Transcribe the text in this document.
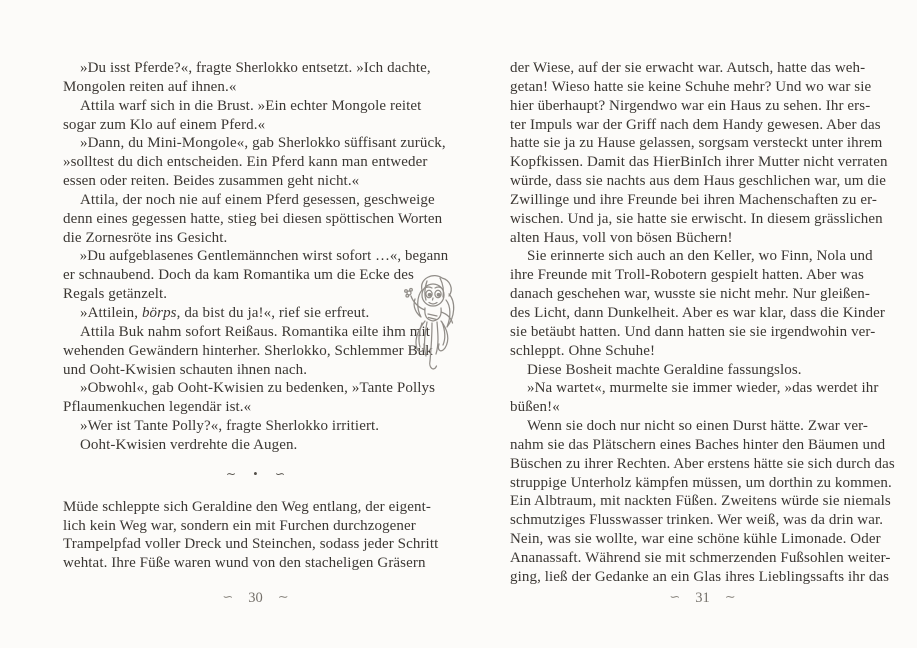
»Du isst Pferde?«, fragte Sherlokko entsetzt. »Ich dachte,
Mongolen reiten auf ihnen.«
Attila warf sich in die Brust. »Ein echter Mongole reitet
sogar zum Klo auf einem Pferd.«
»Dann, du Mini-Mongole«, gab Sherlokko süffisant zurück,
»solltest du dich entscheiden. Ein Pferd kann man entweder
essen oder reiten. Beides zusammen geht nicht.«
Attila, der noch nie auf einem Pferd gesessen, geschweige
denn eines gegessen hatte, stieg bei diesen spöttischen Worten
die Zornesröte ins Gesicht.
»Du aufgeblasenes Gentlemännchen wirst sofort …«, begann
er schnaubend. Doch da kam Romantika um die Ecke des
Regals getänzelt.
»Attilein, börps, da bist du ja!«, rief sie erfreut.
Attila Buk nahm sofort Reißaus. Romantika eilte ihm mit
wehenden Gewändern hinterher. Sherlokko, Schlemmer Buk
und Ooht-Kwisien schauten ihnen nach.
»Obwohl«, gab Ooht-Kwisien zu bedenken, »Tante Pollys
Pflaumenkuchen legendär ist.«
»Wer ist Tante Polly?«, fragte Sherlokko irritiert.
Ooht-Kwisien verdrehte die Augen.
∼ • ∽
Müde schleppte sich Geraldine den Weg entlang, der eigent-
lich kein Weg war, sondern ein mit Furchen durchzogener
Trampelpfad voller Dreck und Steinchen, sodass jeder Schritt
wehtat. Ihre Füße waren wund von den stacheligen Gräsern
∽ 30 ∼
der Wiese, auf der sie erwacht war. Autsch, hatte das weh-
getan! Wieso hatte sie keine Schuhe mehr? Und wo war sie
hier überhaupt? Nirgendwo war ein Haus zu sehen. Ihr ers-
ter Impuls war der Griff nach dem Handy gewesen. Aber das
hatte sie ja zu Hause gelassen, sorgsam versteckt unter ihrem
Kopfkissen. Damit das HierBinIch ihrer Mutter nicht verraten
würde, dass sie nachts aus dem Haus geschlichen war, um die
Zwillinge und ihre Freunde bei ihren Machenschaften zu er-
wischen. Und ja, sie hatte sie erwischt. In diesem grässlichen
alten Haus, voll von bösen Büchern!
Sie erinnerte sich auch an den Keller, wo Finn, Nola und
ihre Freunde mit Troll-Robotern gespielt hatten. Aber was
danach geschehen war, wusste sie nicht mehr. Nur gleißen-
des Licht, dann Dunkelheit. Aber es war klar, dass die Kinder
sie betäubt hatten. Und dann hatten sie sie irgendwohin ver-
schleppt. Ohne Schuhe!
Diese Bosheit machte Geraldine fassungslos.
»Na wartet«, murmelte sie immer wieder, »das werdet ihr
büßen!«
Wenn sie doch nur nicht so einen Durst hätte. Zwar ver-
nahm sie das Plätschern eines Baches hinter den Bäumen und
Büschen zu ihrer Rechten. Aber erstens hätte sie sich durch das
struppige Unterholz kämpfen müssen, um dorthin zu kommen.
Ein Albtraum, mit nackten Füßen. Zweitens würde sie niemals
schmutziges Flusswasser trinken. Wer weiß, was da drin war.
Nein, was sie wollte, war eine schöne kühle Limonade. Oder
Ananassaft. Während sie mit schmerzenden Fußsohlen weiter-
ging, ließ der Gedanke an ein Glas ihres Lieblingssafts ihr das
∽ 31 ∼
